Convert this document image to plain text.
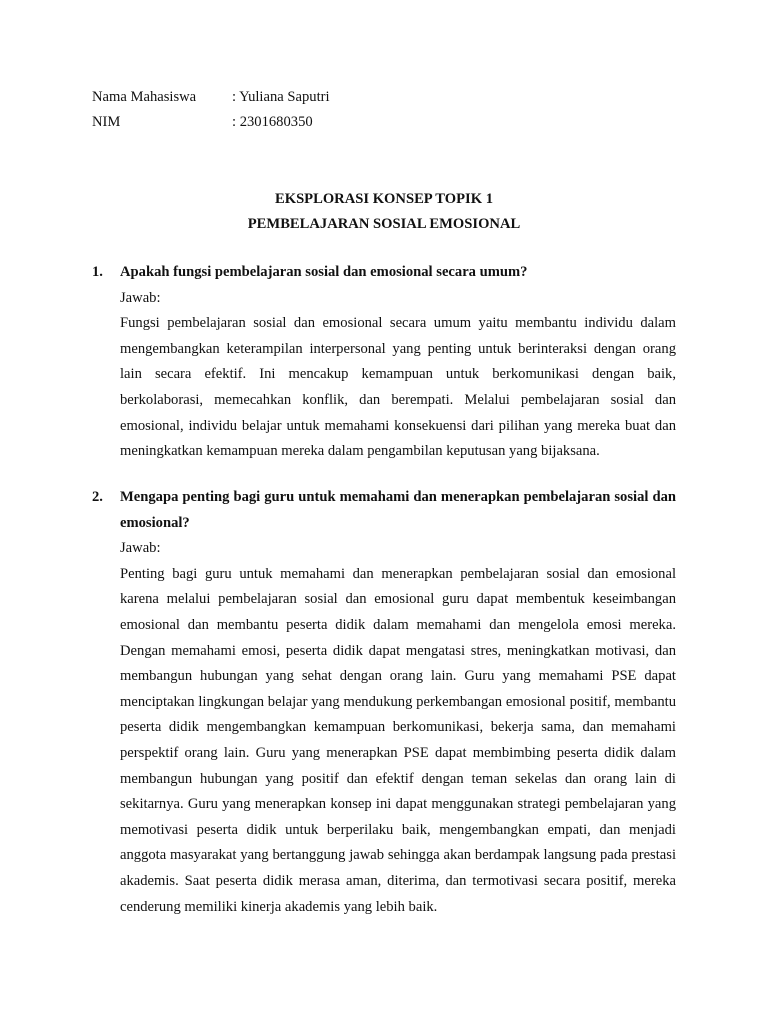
Nama Mahasiswa : Yuliana Saputri
NIM	: 2301680350
EKSPLORASI KONSEP TOPIK 1
PEMBELAJARAN SOSIAL EMOSIONAL
1. Apakah fungsi pembelajaran sosial dan emosional secara umum?

Jawab:

Fungsi pembelajaran sosial dan emosional secara umum yaitu membantu individu dalam mengembangkan keterampilan interpersonal yang penting untuk berinteraksi dengan orang lain secara efektif. Ini mencakup kemampuan untuk berkomunikasi dengan baik, berkolaborasi, memecahkan konflik, dan berempati. Melalui pembelajaran sosial dan emosional, individu belajar untuk memahami konsekuensi dari pilihan yang mereka buat dan meningkatkan kemampuan mereka dalam pengambilan keputusan yang bijaksana.

2. Mengapa penting bagi guru untuk memahami dan menerapkan pembelajaran sosial dan emosional?

Jawab:

Penting bagi guru untuk memahami dan menerapkan pembelajaran sosial dan emosional karena melalui pembelajaran sosial dan emosional guru dapat membentuk keseimbangan emosional dan membantu peserta didik dalam memahami dan mengelola emosi mereka. Dengan memahami emosi, peserta didik dapat mengatasi stres, meningkatkan motivasi, dan membangun hubungan yang sehat dengan orang lain. Guru yang memahami PSE dapat menciptakan lingkungan belajar yang mendukung perkembangan emosional positif, membantu peserta didik mengembangkan kemampuan berkomunikasi, bekerja sama, dan memahami perspektif orang lain. Guru yang menerapkan PSE dapat membimbing peserta didik dalam membangun hubungan yang positif dan efektif dengan teman sekelas dan orang lain di sekitarnya. Guru yang menerapkan konsep ini dapat menggunakan strategi pembelajaran yang memotivasi peserta didik untuk berperilaku baik, mengembangkan empati, dan menjadi anggota masyarakat yang bertanggung jawab sehingga akan berdampak langsung pada prestasi akademis. Saat peserta didik merasa aman, diterima, dan termotivasi secara positif, mereka cenderung memiliki kinerja akademis yang lebih baik.
